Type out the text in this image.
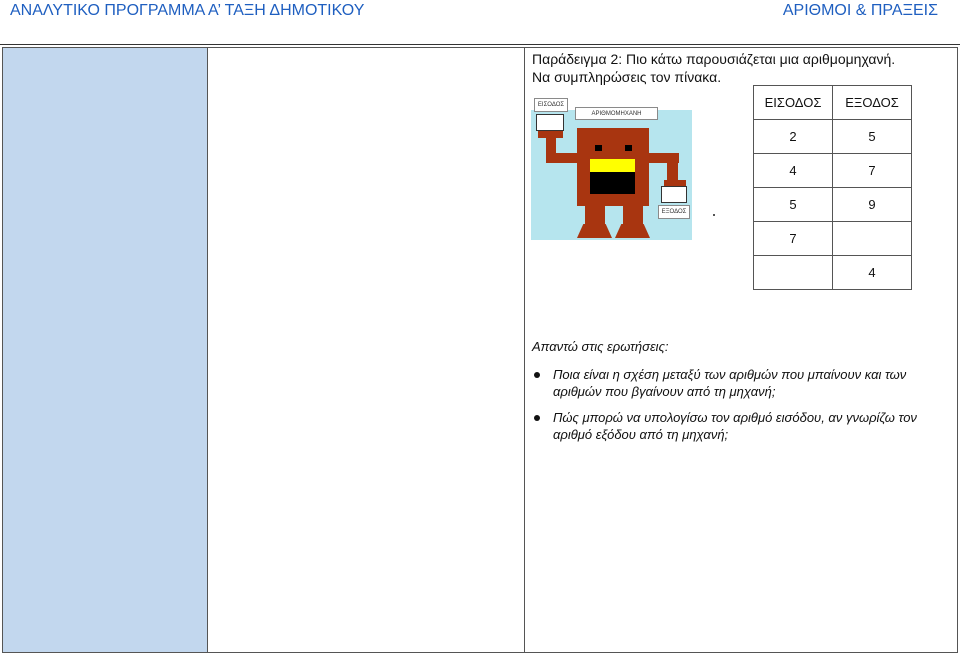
ΑΝΑΛΥΤΙΚΟ ΠΡΟΓΡΑΜΜΑ Α’ ΤΑΞΗ ΔΗΜΟΤΙΚΟΥ	ΑΡΙΘΜΟΙ & ΠΡΑΞΕΙΣ
Παράδειγμα 2: Πιο κάτω παρουσιάζεται μια αριθμομηχανή. Να συμπληρώσεις τον πίνακα.
ΕΙΣΟΔΟΣ
ΑΡΙΘΜΟΜΗΧΑΝΗ
ΕΞΟΔΟΣ
ΕΙΣΟΔΟΣ	ΕΞΟΔΟΣ
2	5
4	7
5	9
7	
	4
Απαντώ στις ερωτήσεις:
Ποια είναι η σχέση μεταξύ των αριθμών που μπαίνουν και των αριθμών που βγαίνουν από τη μηχανή;
Πώς μπορώ να υπολογίσω τον αριθμό εισόδου, αν γνωρίζω τον αριθμό εξόδου από τη μηχανή;
